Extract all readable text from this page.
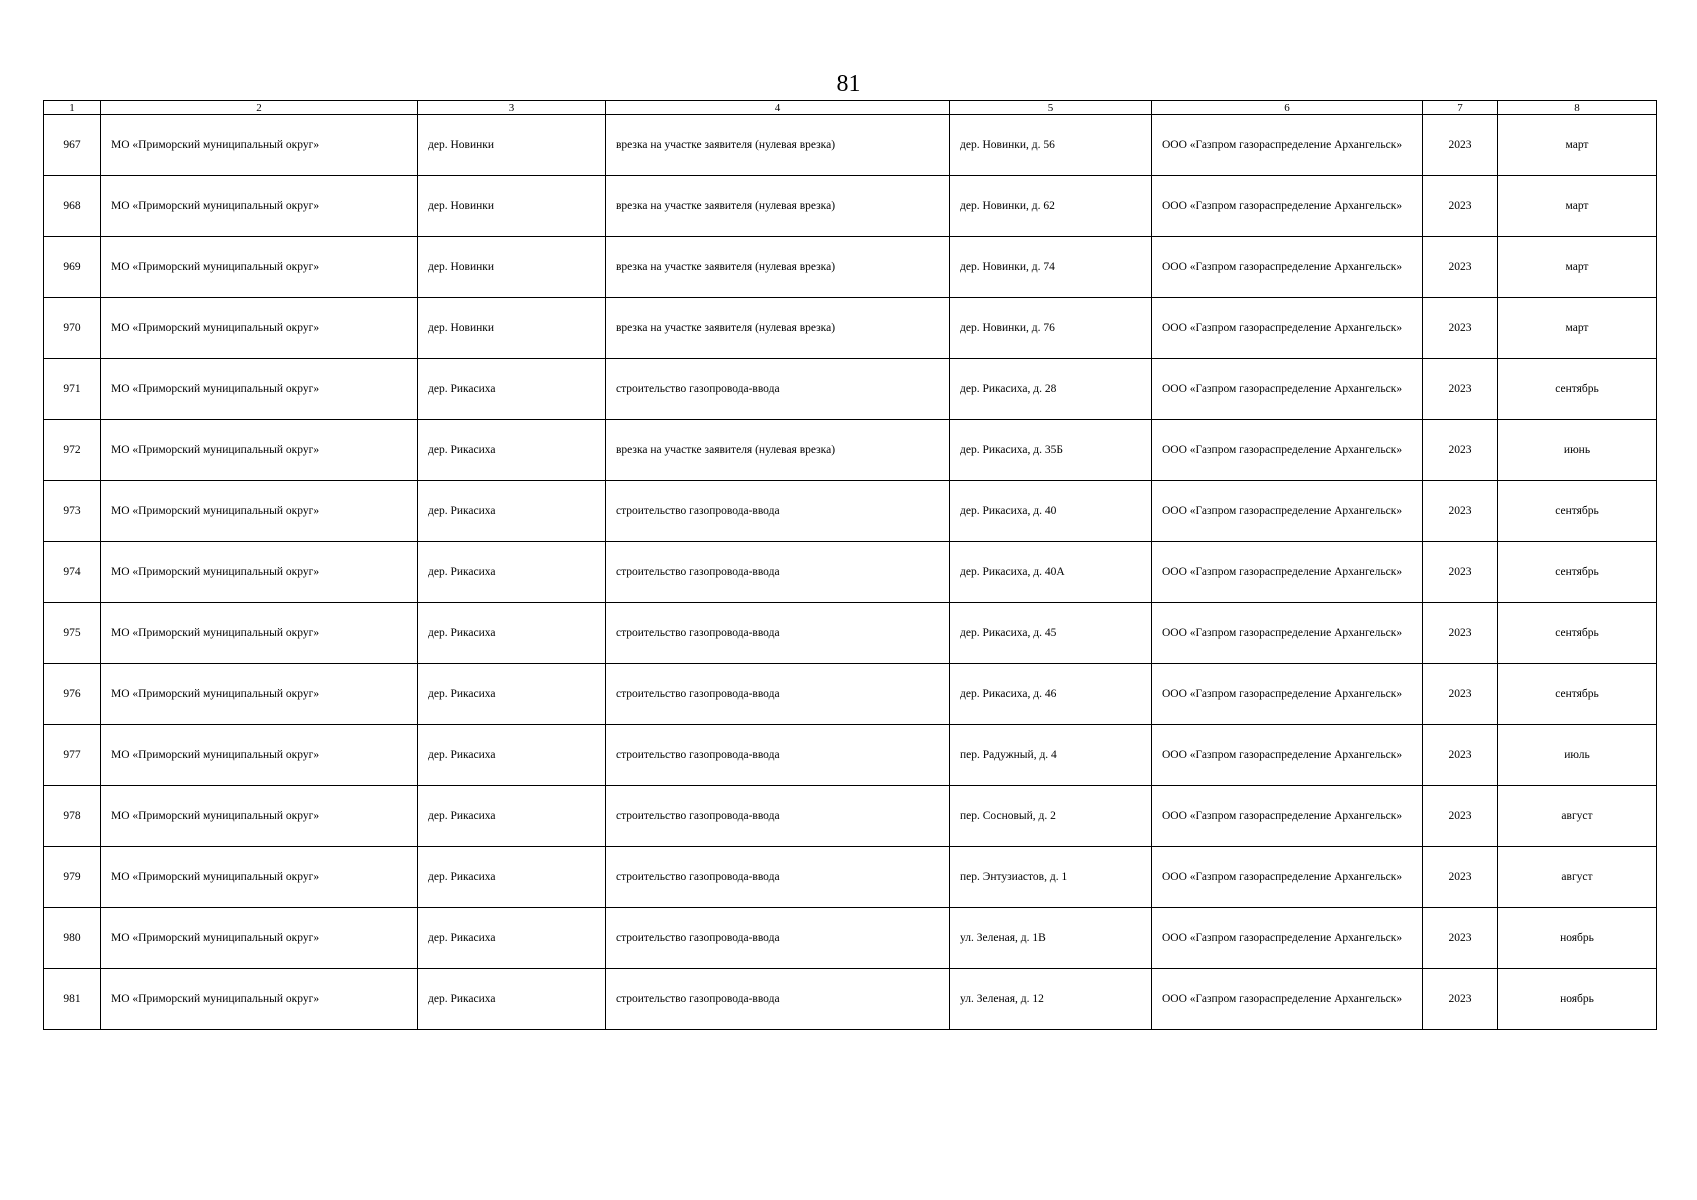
81
1	2	3	4	5	6	7	8
967	МО «Приморский муниципальный округ»	дер. Новинки	врезка на участке заявителя (нулевая врезка)	дер. Новинки, д. 56	ООО «Газпром газораспределение Архангельск»	2023	март
968	МО «Приморский муниципальный округ»	дер. Новинки	врезка на участке заявителя (нулевая врезка)	дер. Новинки, д. 62	ООО «Газпром газораспределение Архангельск»	2023	март
969	МО «Приморский муниципальный округ»	дер. Новинки	врезка на участке заявителя (нулевая врезка)	дер. Новинки, д. 74	ООО «Газпром газораспределение Архангельск»	2023	март
970	МО «Приморский муниципальный округ»	дер. Новинки	врезка на участке заявителя (нулевая врезка)	дер. Новинки, д. 76	ООО «Газпром газораспределение Архангельск»	2023	март
971	МО «Приморский муниципальный округ»	дер. Рикасиха	строительство газопровода-ввода	дер. Рикасиха, д. 28	ООО «Газпром газораспределение Архангельск»	2023	сентябрь
972	МО «Приморский муниципальный округ»	дер. Рикасиха	врезка на участке заявителя (нулевая врезка)	дер. Рикасиха, д. 35Б	ООО «Газпром газораспределение Архангельск»	2023	июнь
973	МО «Приморский муниципальный округ»	дер. Рикасиха	строительство газопровода-ввода	дер. Рикасиха, д. 40	ООО «Газпром газораспределение Архангельск»	2023	сентябрь
974	МО «Приморский муниципальный округ»	дер. Рикасиха	строительство газопровода-ввода	дер. Рикасиха, д. 40А	ООО «Газпром газораспределение Архангельск»	2023	сентябрь
975	МО «Приморский муниципальный округ»	дер. Рикасиха	строительство газопровода-ввода	дер. Рикасиха, д. 45	ООО «Газпром газораспределение Архангельск»	2023	сентябрь
976	МО «Приморский муниципальный округ»	дер. Рикасиха	строительство газопровода-ввода	дер. Рикасиха, д. 46	ООО «Газпром газораспределение Архангельск»	2023	сентябрь
977	МО «Приморский муниципальный округ»	дер. Рикасиха	строительство газопровода-ввода	пер. Радужный, д. 4	ООО «Газпром газораспределение Архангельск»	2023	июль
978	МО «Приморский муниципальный округ»	дер. Рикасиха	строительство газопровода-ввода	пер. Сосновый, д. 2	ООО «Газпром газораспределение Архангельск»	2023	август
979	МО «Приморский муниципальный округ»	дер. Рикасиха	строительство газопровода-ввода	пер. Энтузиастов, д. 1	ООО «Газпром газораспределение Архангельск»	2023	август
980	МО «Приморский муниципальный округ»	дер. Рикасиха	строительство газопровода-ввода	ул. Зеленая, д. 1В	ООО «Газпром газораспределение Архангельск»	2023	ноябрь
981	МО «Приморский муниципальный округ»	дер. Рикасиха	строительство газопровода-ввода	ул. Зеленая, д. 12	ООО «Газпром газораспределение Архангельск»	2023	ноябрь
